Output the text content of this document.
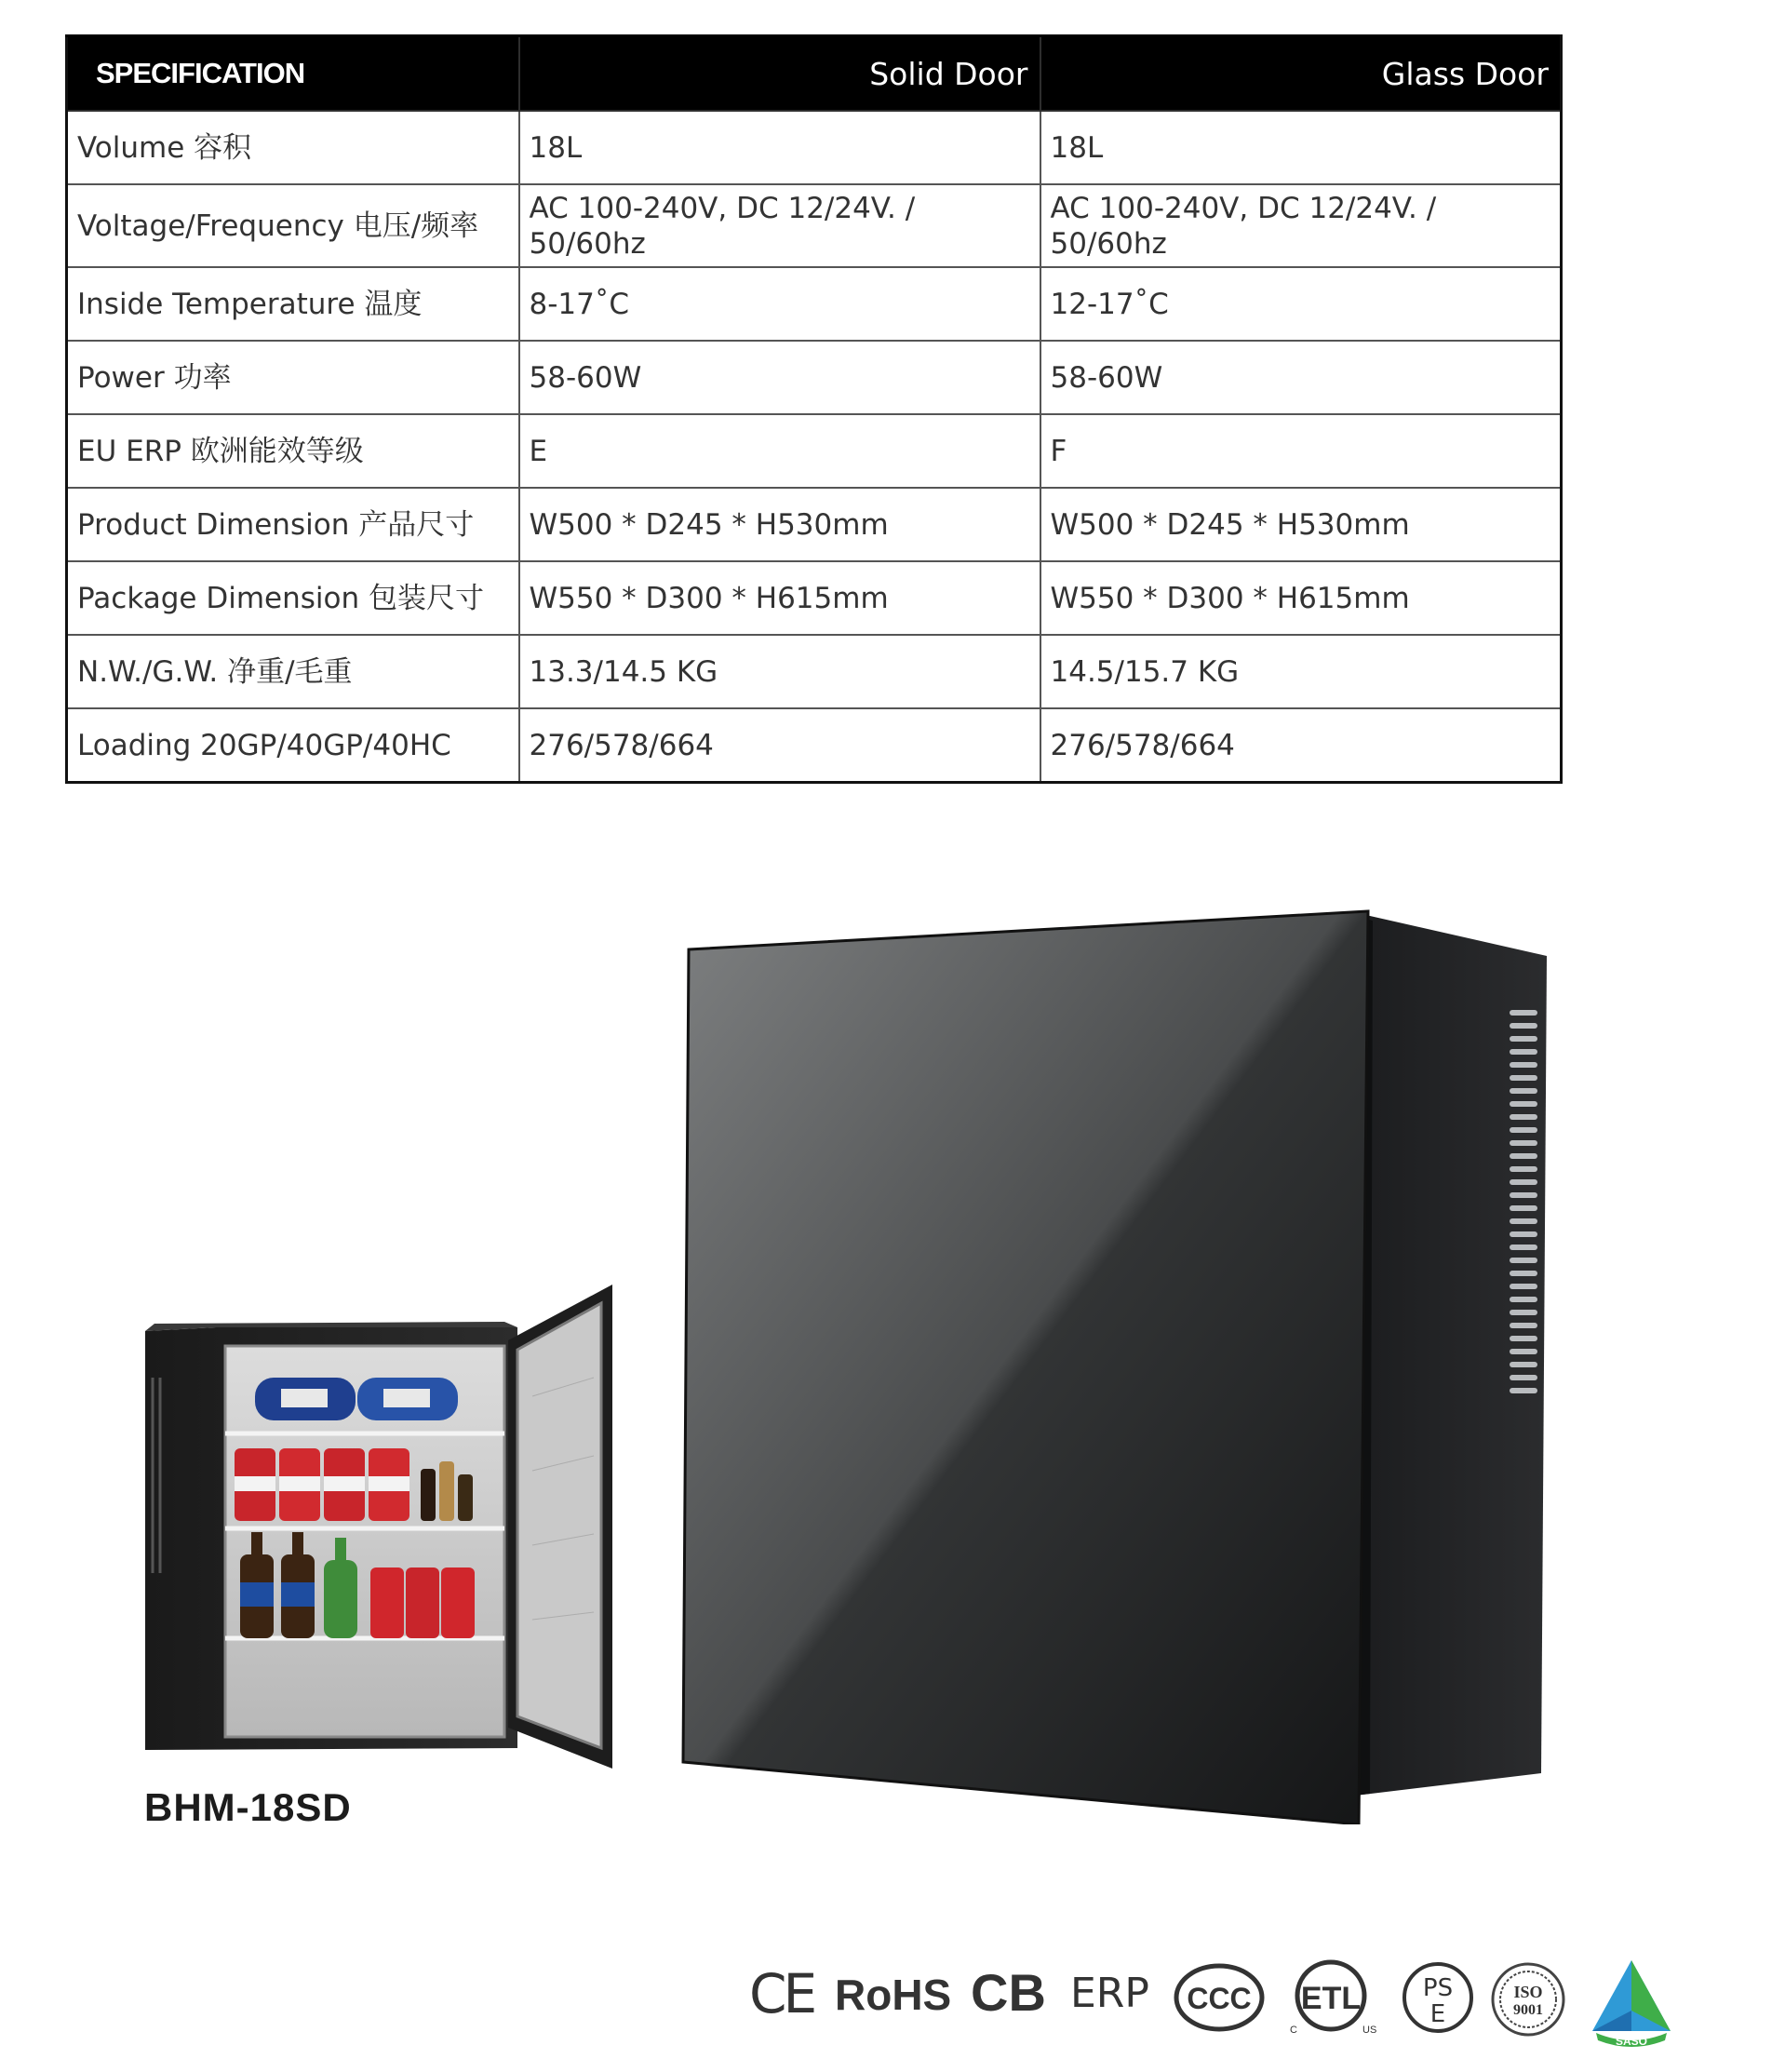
SPECIFICATION	Solid Door	Glass Door
Volume 容积	18L	18L
Voltage/Frequency 电压/频率	AC 100-240V, DC 12/24V. / 50/60hz	AC 100-240V, DC 12/24V. / 50/60hz
Inside Temperature 温度	8-17˚C	12-17˚C
Power 功率	58-60W	58-60W
EU ERP 欧洲能效等级	E	F
Product Dimension 产品尺寸	W500 * D245 * H530mm	W500 * D245 * H530mm
Package Dimension 包装尺寸	W550 * D300 * H615mm	W550 * D300 * H615mm
N.W./G.W. 净重/毛重	13.3/14.5 KG	14.5/15.7 KG
Loading 20GP/40GP/40HC	276/578/664	276/578/664
BHM-18SD
CE RoHS CB ERP CCC ETL
C	US
PS
E
ISO
9001
SASO
